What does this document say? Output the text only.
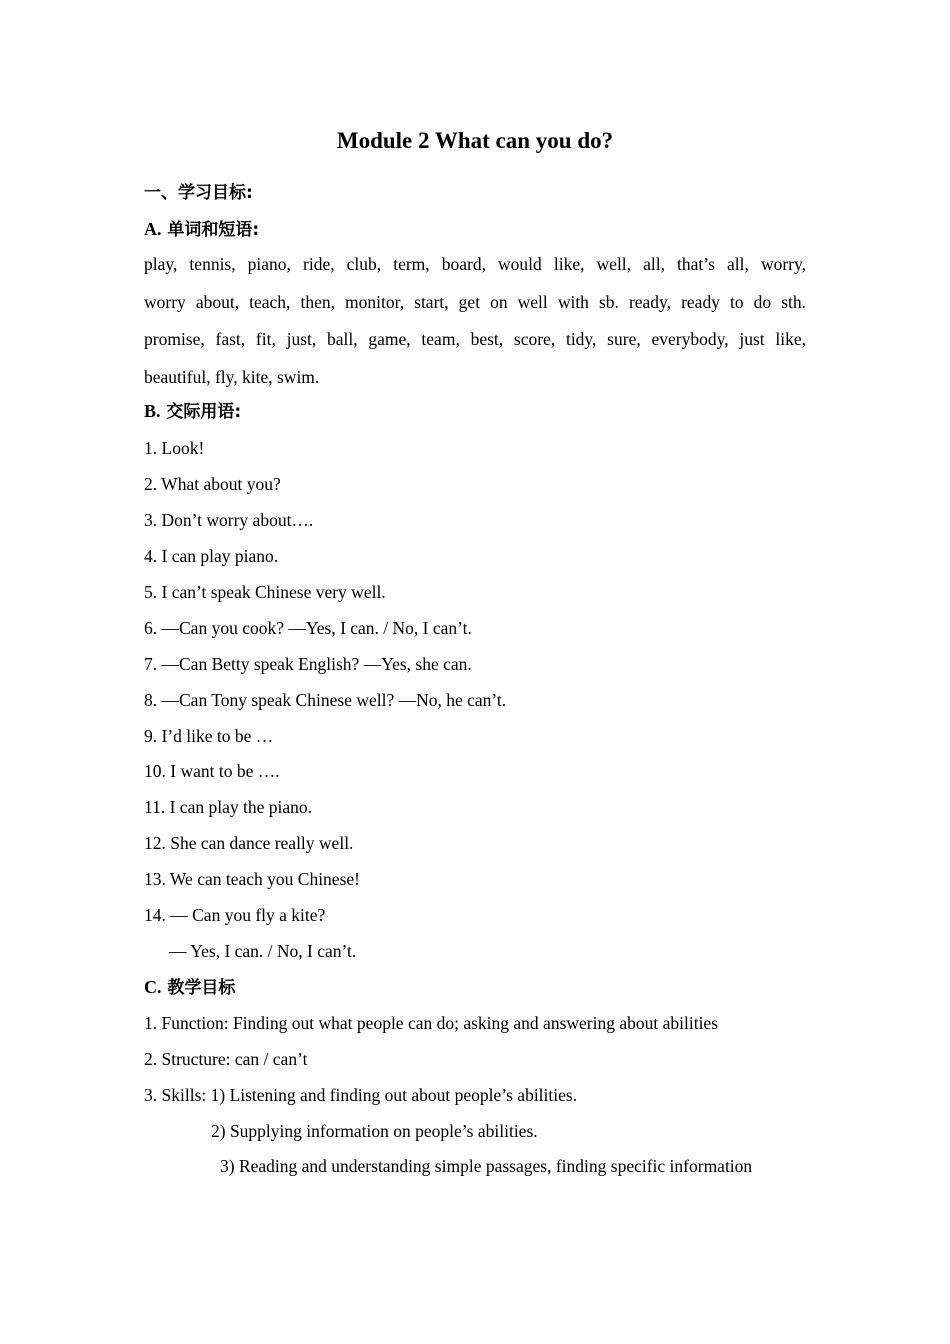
Module 2 What can you do?
一、学习目标:
A. 单词和短语:
play, tennis, piano, ride, club, term, board, would like, well, all, that’s all, worry,
worry about, teach, then, monitor, start, get on well with sb. ready, ready to do sth.
promise, fast, fit, just, ball, game, team, best, score, tidy, sure, everybody, just like,
beautiful, fly, kite, swim.
B. 交际用语:
1. Look!
2. What about you?
3. Don’t worry about….
4. I can play piano.
5. I can’t speak Chinese very well.
6. —Can you cook? —Yes, I can. / No, I can’t.
7. —Can Betty speak English? —Yes, she can.
8. —Can Tony speak Chinese well? —No, he can’t.
9. I’d like to be …
10. I want to be ….
11. I can play the piano.
12. She can dance really well.
13. We can teach you Chinese!
14. — Can you fly a kite?
— Yes, I can. / No, I can’t.
C. 教学目标
1. Function: Finding out what people can do; asking and answering about abilities
2. Structure: can / can’t
3. Skills: 1) Listening and finding out about people’s abilities.
2) Supplying information on people’s abilities.
3) Reading and understanding simple passages, finding specific information
